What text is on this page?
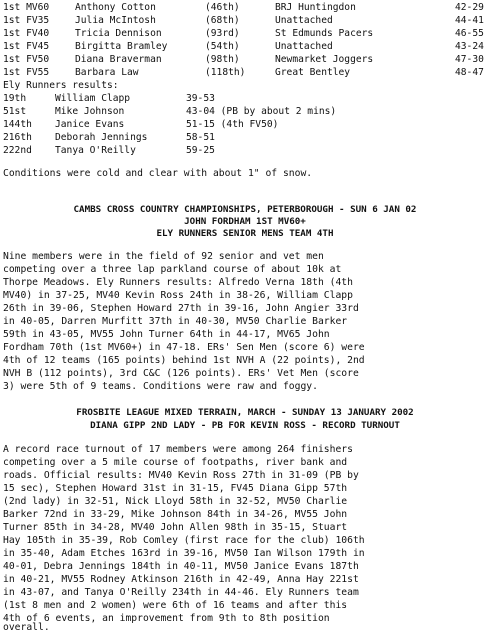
1st MV60	Anthony Cotton	(46th)	BRJ Huntingdon	42-29
1st FV35	Julia McIntosh	(68th)	Unattached	44-41
1st FV40	Tricia Dennison	(93rd)	St Edmunds Pacers	46-55
1st FV45	Birgitta Bramley	(54th)	Unattached	43-24
1st FV50	Diana Braverman	(98th)	Newmarket Joggers	47-30
1st FV55	Barbara Law	(118th)	Great Bentley	48-47
Ely Runners results:
19th	William Clapp	39-53
51st	Mike Johnson	43-04 (PB by about 2 mins)
144th Janice Evans	51-15 (4th FV50)
216th Deborah Jennings	58-51
222nd Tanya O'Reilly	59-25
Conditions were cold and clear with about 1" of snow.
CAMBS CROSS COUNTRY CHAMPIONSHIPS, PETERBOROUGH - SUN 6 JAN 02
JOHN FORDHAM 1ST MV60+
ELY RUNNERS SENIOR MENS TEAM 4TH
Nine members were in the field of 92 senior and vet men
competing over a three lap parkland course of about 10k at
Thorpe Meadows. Ely Runners results: Alfredo Verna 18th (4th
MV40) in 37-25, MV40 Kevin Ross 24th in 38-26, William Clapp
26th in 39-06, Stephen Howard 27th in 39-16, John Angier 33rd
in 40-05, Darren Murfitt 37th in 40-30, MV50 Charlie Barker
59th in 43-05, MV55 John Turner 64th in 44-17, MV65 John
Fordham 70th (1st MV60+) in 47-18. ERs' Sen Men (score 6) were
4th of 12 teams (165 points) behind 1st NVH A (22 points), 2nd
NVH B (112 points), 3rd C&C (126 points). ERs' Vet Men (score
3) were 5th of 9 teams. Conditions were raw and foggy.
FROSBITE LEAGUE MIXED TERRAIN, MARCH - SUNDAY 13 JANUARY 2002
DIANA GIPP 2ND LADY - PB FOR KEVIN ROSS - RECORD TURNOUT
A record race turnout of 17 members were among 264 finishers
competing over a 5 mile course of footpaths, river bank and
roads. Official results: MV40 Kevin Ross 27th in 31-09 (PB by
15 sec), Stephen Howard 31st in 31-15, FV45 Diana Gipp 57th
(2nd lady) in 32-51, Nick Lloyd 58th in 32-52, MV50 Charlie
Barker 72nd in 33-29, Mike Johnson 84th in 34-26, MV55 John
Turner 85th in 34-28, MV40 John Allen 98th in 35-15, Stuart
Hay 105th in 35-39, Rob Comley (first race for the club) 106th
in 35-40, Adam Etches 163rd in 39-16, MV50 Ian Wilson 179th in
40-01, Debra Jennings 184th in 40-11, MV50 Janice Evans 187th
in 40-21, MV55 Rodney Atkinson 216th in 42-49, Anna Hay 221st
in 43-07, and Tanya O'Reilly 234th in 44-46. Ely Runners team
(1st 8 men and 2 women) were 6th of 16 teams and after this
4th of 6 events, an improvement from 9th to 8th position
overall.
